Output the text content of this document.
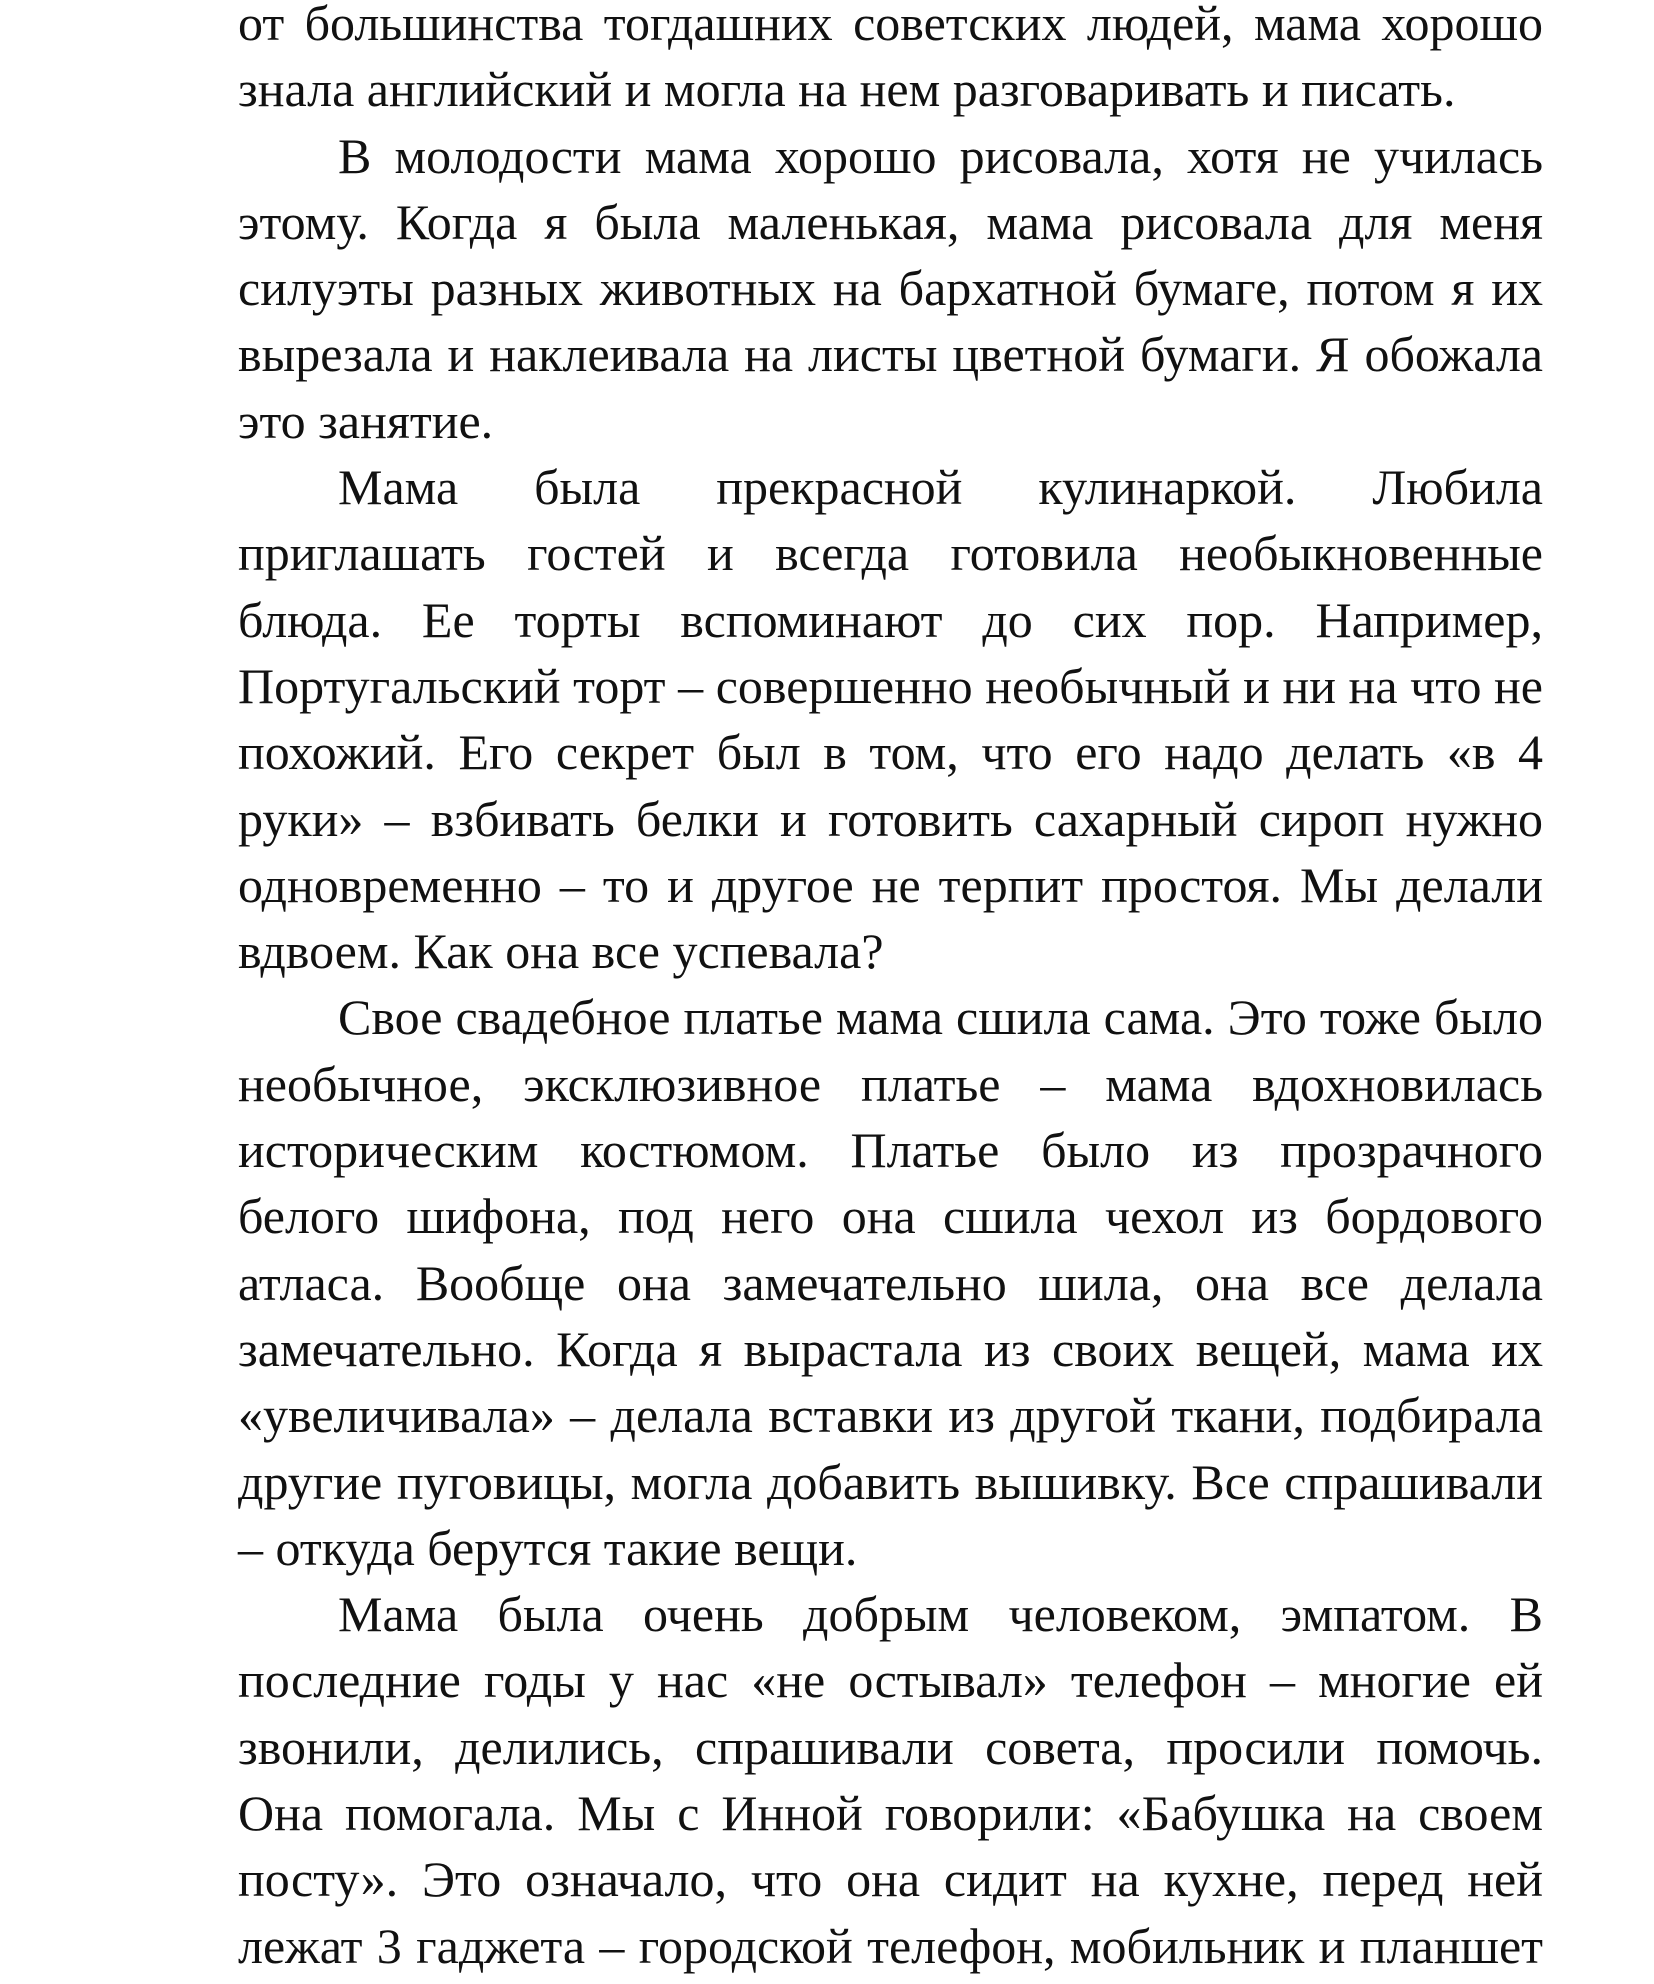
от большинства тогдашних советских людей, мама хорошо знала английский и могла на нем разговаривать и писать.

В молодости мама хорошо рисовала, хотя не училась этому. Когда я была маленькая, мама рисовала для меня силуэты разных животных на бархатной бумаге, потом я их вырезала и наклеивала на листы цветной бумаги. Я обожала это занятие.

Мама была прекрасной кулинаркой. Любила приглашать гостей и всегда готовила необыкновенные блюда. Ее торты вспоминают до сих пор. Например, Португальский торт – совершенно необычный и ни на что не похожий. Его секрет был в том, что его надо делать «в 4 руки» – взбивать белки и готовить сахарный сироп нужно одновременно – то и другое не терпит простоя. Мы делали вдвоем. Как она все успевала?

Свое свадебное платье мама сшила сама. Это тоже было необычное, эксклюзивное платье – мама вдохновилась историческим костюмом. Платье было из прозрачного белого шифона, под него она сшила чехол из бордового атласа. Вообще она замечательно шила, она все делала замечательно. Когда я вырастала из своих вещей, мама их «увеличивала» – делала вставки из другой ткани, подбирала другие пуговицы, могла добавить вышивку. Все спрашивали – откуда берутся такие вещи.

Мама была очень добрым человеком, эмпатом. В последние годы у нас «не остывал» телефон – многие ей звонили, делились, спрашивали совета, просили помочь. Она помогала. Мы с Инной говорили: «Бабушка на своем посту». Это означало, что она сидит на кухне, перед ней лежат 3 гаджета – городской телефон, мобильник и планшет
